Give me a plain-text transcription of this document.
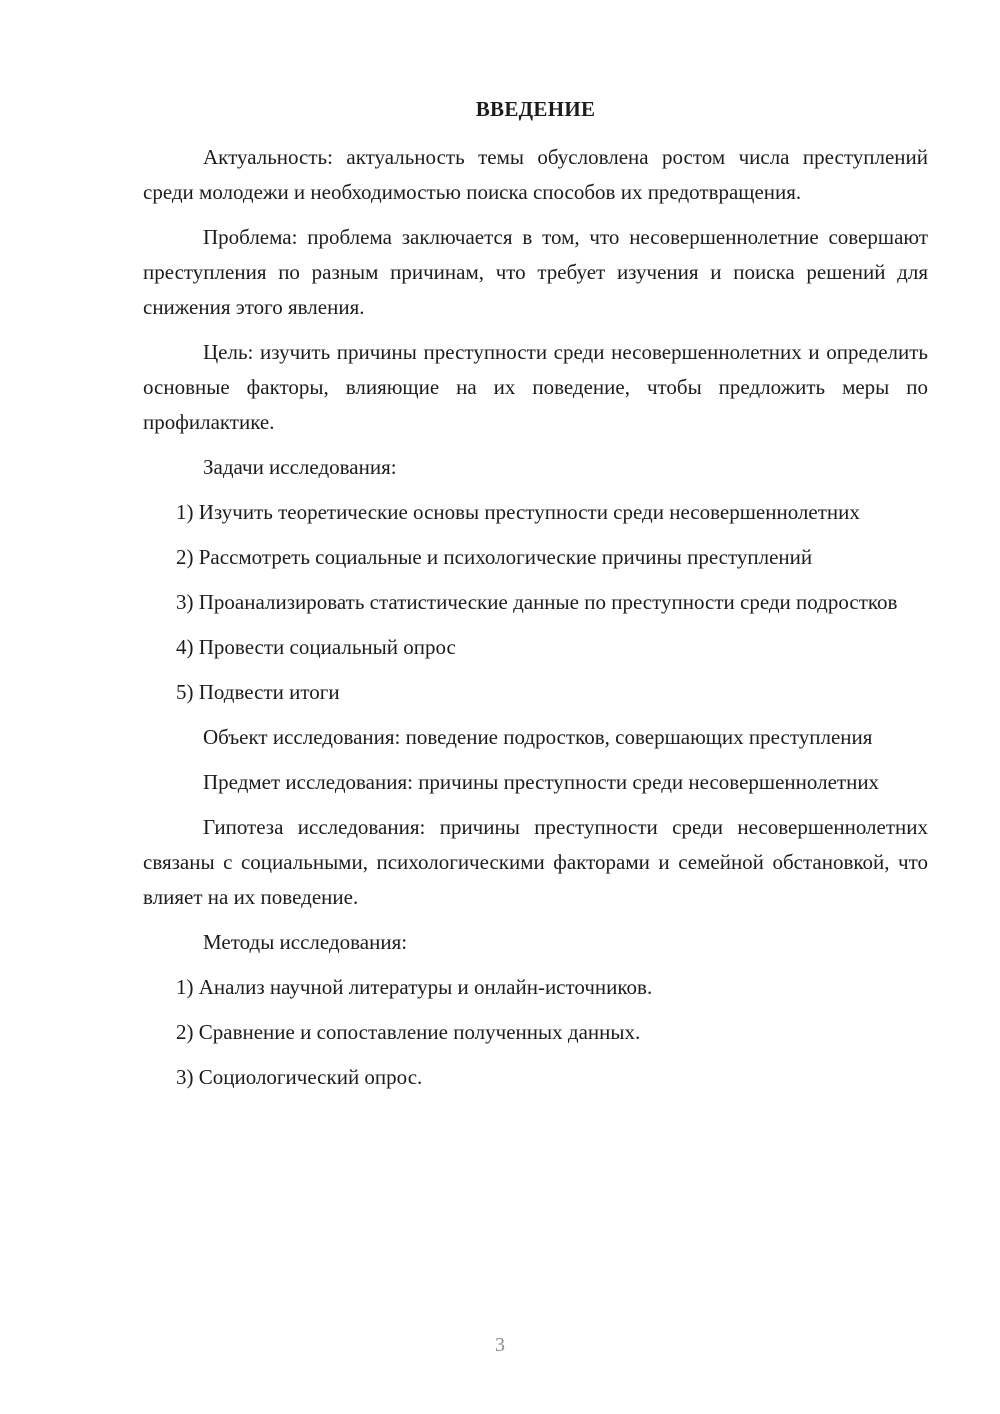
ВВЕДЕНИЕ

Актуальность: актуальность темы обусловлена ростом числа преступлений среди молодежи и необходимостью поиска способов их предотвращения.

Проблема: проблема заключается в том, что несовершеннолетние совершают преступления по разным причинам, что требует изучения и поиска решений для снижения этого явления.

Цель: изучить причины преступности среди несовершеннолетних и определить основные факторы, влияющие на их поведение, чтобы предложить меры по профилактике.

Задачи исследования:

1) Изучить теоретические основы преступности среди несовершеннолетних

2) Рассмотреть социальные и психологические причины преступлений

3) Проанализировать статистические данные по преступности среди подростков

4) Провести социальный опрос

5) Подвести итоги

Объект исследования: поведение подростков, совершающих преступления

Предмет исследования: причины преступности среди несовершеннолетних

Гипотеза исследования: причины преступности среди несовершеннолетних связаны с социальными, психологическими факторами и семейной обстановкой, что влияет на их поведение.

Методы исследования:

1) Анализ научной литературы и онлайн-источников.

2) Сравнение и сопоставление полученных данных.

3) Социологический опрос.

3
